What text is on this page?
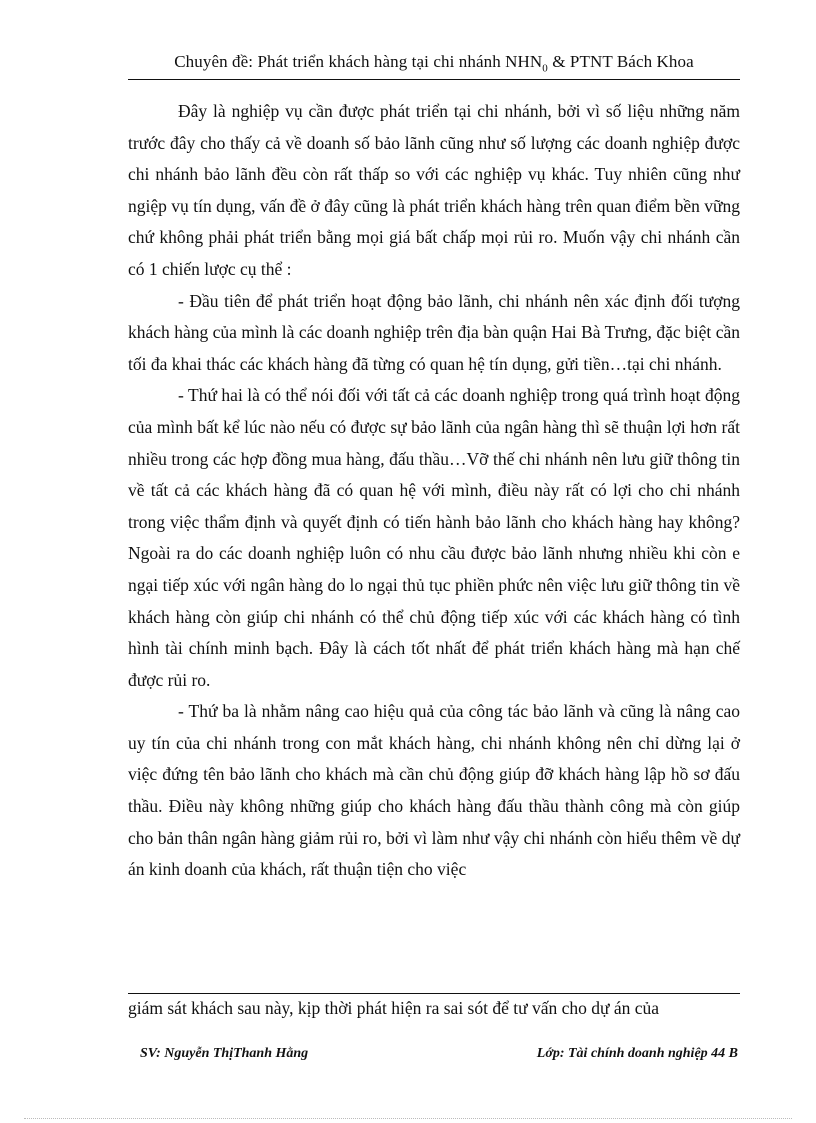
Chuyên đề: Phát triển khách hàng tại chi nhánh $NHN_0$ & PTNT Bách Khoa

Đây là nghiệp vụ cần được phát triển tại chi nhánh, bởi vì số liệu những năm trước đây cho thấy cả về doanh số bảo lãnh cũng như số lượng các doanh nghiệp được chi nhánh bảo lãnh đều còn rất thấp so với các nghiệp vụ khác. Tuy nhiên cũng như ngiệp vụ tín dụng, vấn đề ở đây cũng là phát triển khách hàng trên quan điểm bền vững chứ không phải phát triển bằng mọi giá bất chấp mọi rủi ro. Muốn vậy chi nhánh cần có 1 chiến lược cụ thể :

- Đầu tiên để phát triển hoạt động bảo lãnh, chi nhánh nên xác định đối tượng khách hàng của mình là các doanh nghiệp trên địa bàn quận Hai Bà Trưng, đặc biệt cần tối đa khai thác các khách hàng đã từng có quan hệ tín dụng, gửi tiền…tại chi nhánh.

- Thứ hai là có thể nói đối với tất cả các doanh nghiệp trong quá trình hoạt động của mình bất kể lúc nào nếu có được sự bảo lãnh của ngân hàng thì sẽ thuận lợi hơn rất nhiều trong các hợp đồng mua hàng, đấu thầu…Vỡ thế chi nhánh nên lưu giữ thông tin về tất cả các khách hàng đã có quan hệ với mình, điều này rất có lợi cho chi nhánh trong việc thẩm định và quyết định có tiến hành bảo lãnh cho khách hàng hay không? Ngoài ra do các doanh nghiệp luôn có nhu cầu được bảo lãnh nhưng nhiều khi còn e ngại tiếp xúc với ngân hàng do lo ngại thủ tục phiền phức nên việc lưu giữ thông tin về khách hàng còn giúp chi nhánh có thể chủ động tiếp xúc với các khách hàng có tình hình tài chính minh bạch. Đây là cách tốt nhất để phát triển khách hàng mà hạn chế được rủi ro.

- Thứ ba là nhằm nâng cao hiệu quả của công tác bảo lãnh và cũng là nâng cao uy tín của chi nhánh trong con mắt khách hàng, chi nhánh không nên chỉ dừng lại ở việc đứng tên bảo lãnh cho khách mà cần chủ động giúp đỡ khách hàng lập hồ sơ đấu thầu. Điều này không những giúp cho khách hàng đấu thầu thành công mà còn giúp cho bản thân ngân hàng giảm rủi ro, bởi vì làm như vậy chi nhánh còn hiểu thêm về dự án kinh doanh của khách, rất thuận tiện cho việc

giám sát khách sau này, kịp thời phát hiện ra sai sót để tư vấn cho dự án của
SV: Nguyễn ThịThanh Hằng	Lớp: Tài chính doanh nghiệp 44 B
